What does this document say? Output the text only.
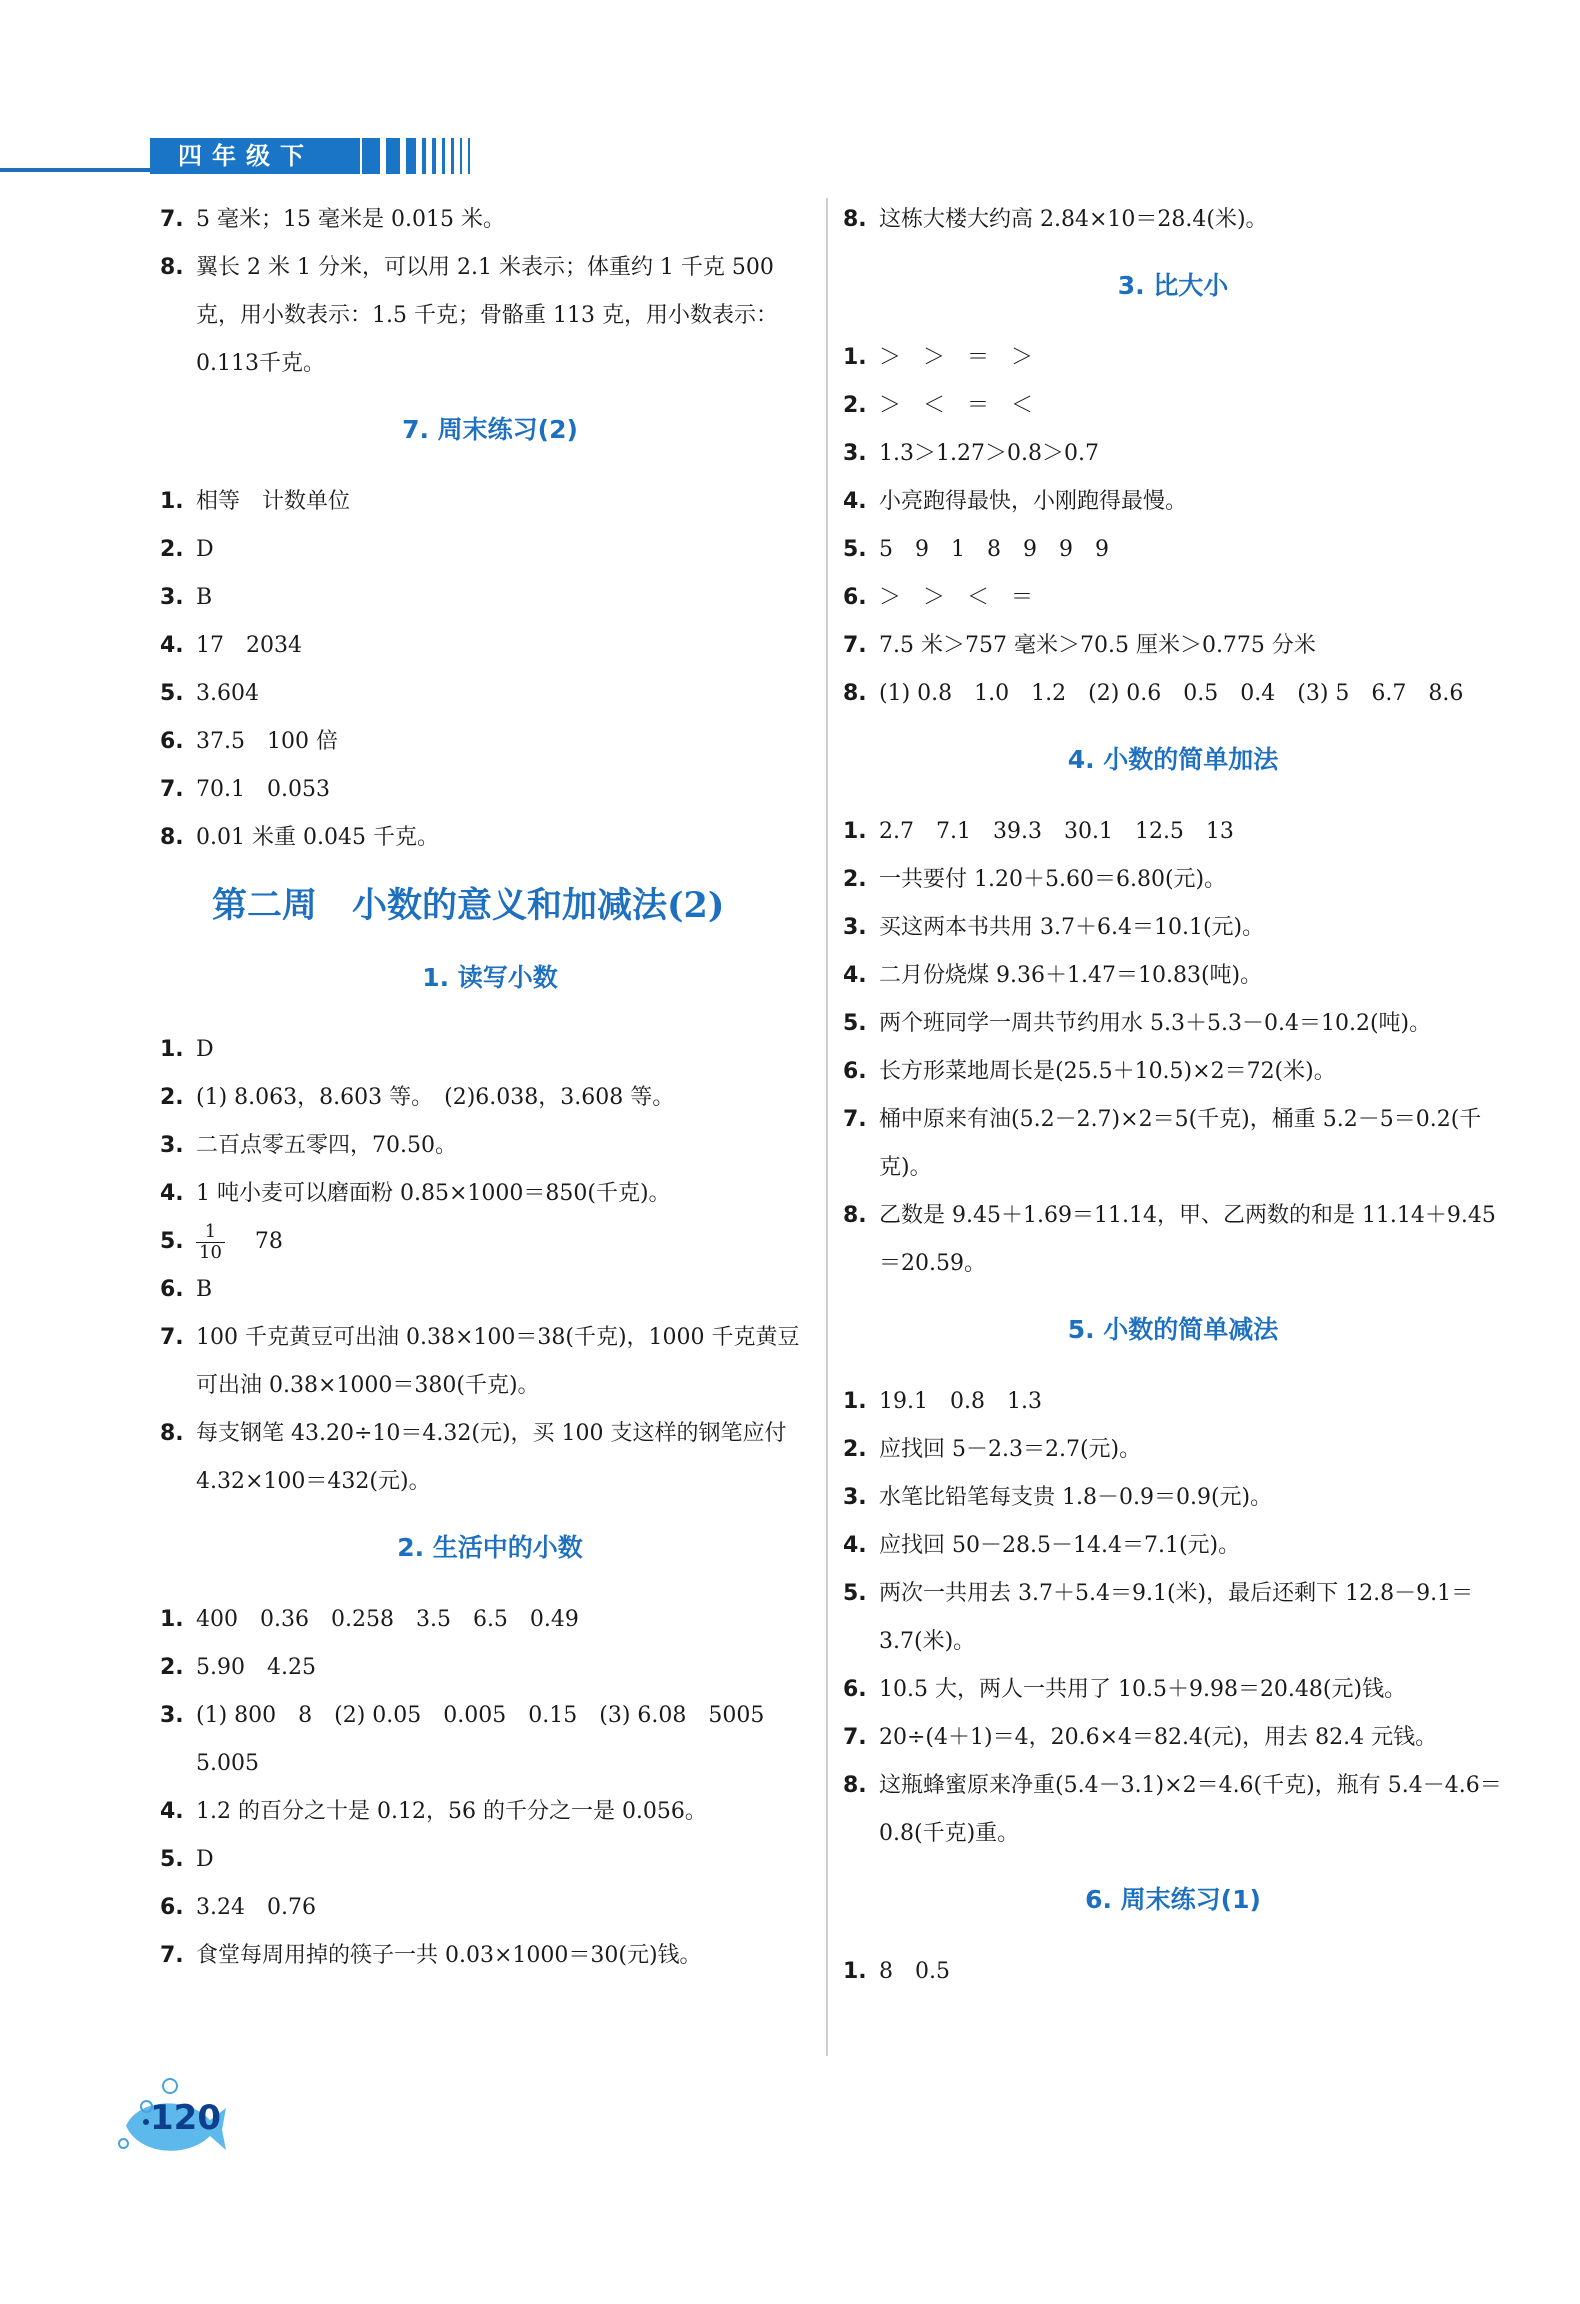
四年级下
7. 5 毫米；15 毫米是 0.015 米。
8. 翼长 2 米 1 分米，可以用 2.1 米表示；体重约 1 千克 500 克，用小数表示：1.5 千克；骨骼重 113 克，用小数表示：0.113千克。
7. 周末练习(2)
1. 相等　计数单位
2. D
3. B
4. 17　2034
5. 3.604
6. 37.5　100 倍
7. 70.1　0.053
8. 0.01 米重 0.045 千克。
第二周　小数的意义和加减法(2)
1. 读写小数
1. D
2. (1) 8.063，8.603 等。　(2)6.038，3.608 等。
3. 二百点零五零四，70.50。
4. 1 吨小麦可以磨面粉 0.85×1000＝850(千克)。
5. $\frac{1}{10} 78$
6. B
7. 100 千克黄豆可出油 0.38×100＝38(千克)，1000 千克黄豆可出油 0.38×1000＝380(千克)。
8. 每支钢笔 43.20÷10＝4.32(元)，买 100 支这样的钢笔应付 4.32×100＝432(元)。
2. 生活中的小数
1. 400　0.36　0.258　3.5　6.5　0.49
2. 5.90　4.25
3. (1) 800　8　(2) 0.05　0.005　0.15　(3) 6.08　5005　5.005
4. 1.2 的百分之十是 0.12，56 的千分之一是 0.056。
5. D
6. 3.24　0.76
7. 食堂每周用掉的筷子一共 0.03×1000＝30(元)钱。
8. 这栋大楼大约高 2.84×10＝28.4(米)。
3. 比大小
1. ＞　＞　＝　＞
2. ＞　＜　＝　＜
3. 1.3＞1.27＞0.8＞0.7
4. 小亮跑得最快，小刚跑得最慢。
5. 5　9　1　8　9　9　9
6. ＞　＞　＜　＝
7. 7.5 米＞757 毫米＞70.5 厘米＞0.775 分米
8. (1) 0.8　1.0　1.2　(2) 0.6　0.5　0.4　(3) 5　6.7　8.6
4. 小数的简单加法
1. 2.7　7.1　39.3　30.1　12.5　13
2. 一共要付 1.20＋5.60＝6.80(元)。
3. 买这两本书共用 3.7＋6.4＝10.1(元)。
4. 二月份烧煤 9.36＋1.47＝10.83(吨)。
5. 两个班同学一周共节约用水 5.3＋5.3－0.4＝10.2(吨)。
6. 长方形菜地周长是(25.5＋10.5)×2＝72(米)。
7. 桶中原来有油(5.2－2.7)×2＝5(千克)，桶重 5.2－5＝0.2(千克)。
8. 乙数是 9.45＋1.69＝11.14，甲、乙两数的和是 11.14＋9.45＝20.59。
5. 小数的简单减法
1. 19.1　0.8　1.3
2. 应找回 5－2.3＝2.7(元)。
3. 水笔比铅笔每支贵 1.8－0.9＝0.9(元)。
4. 应找回 50－28.5－14.4＝7.1(元)。
5. 两次一共用去 3.7＋5.4＝9.1(米)，最后还剩下 12.8－9.1＝3.7(米)。
6. 10.5 大，两人一共用了 10.5＋9.98＝20.48(元)钱。
7. 20÷(4＋1)＝4，20.6×4＝82.4(元)，用去 82.4 元钱。
8. 这瓶蜂蜜原来净重(5.4－3.1)×2＝4.6(千克)，瓶有 5.4－4.6＝0.8(千克)重。
6. 周末练习(1)
1. 8　0.5
120
